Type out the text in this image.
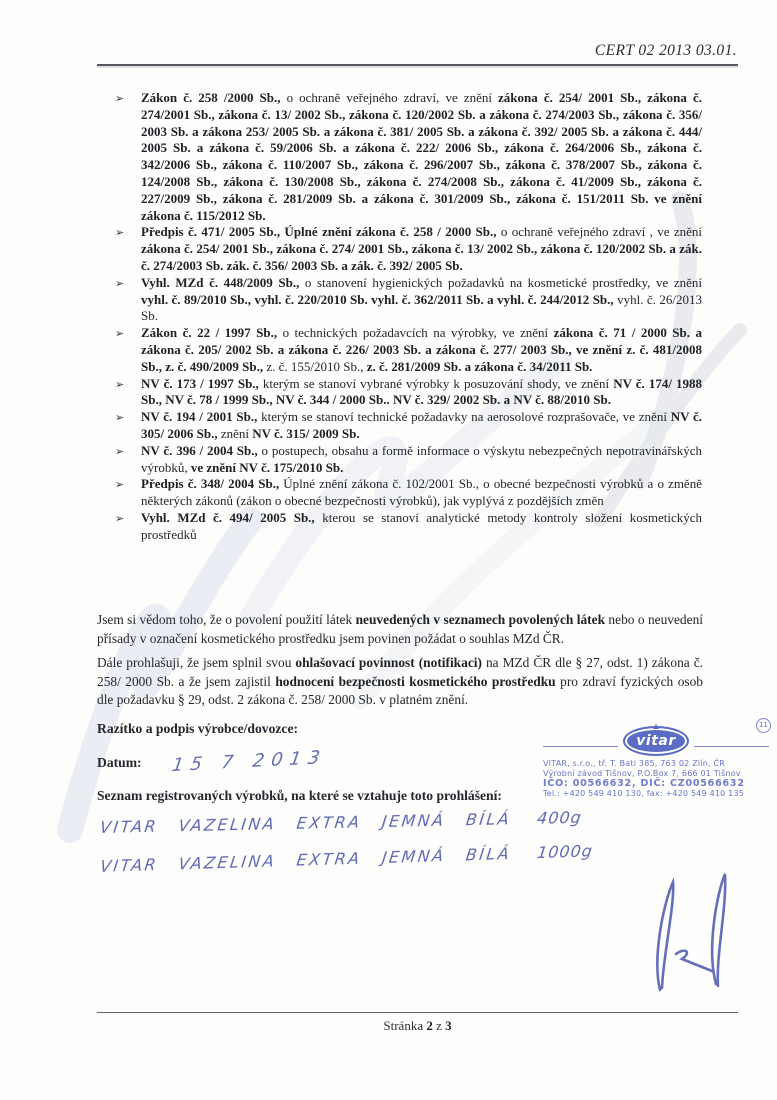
CERT 02 2013 03.01.
➢ Zákon č. 258 /2000 Sb., o ochraně veřejného zdraví, ve znění zákona č. 254/ 2001 Sb., zákona č. 274/2001 Sb., zákona č. 13/ 2002 Sb., zákona č. 120/2002 Sb. a zákona č. 274/2003 Sb., zákona č. 356/ 2003 Sb. a zákona 253/ 2005 Sb. a zákona č. 381/ 2005 Sb. a zákona č. 392/ 2005 Sb. a zákona č. 444/ 2005 Sb. a zákona č. 59/2006 Sb. a zákona č. 222/ 2006 Sb., zákona č. 264/2006 Sb., zákona č. 342/2006 Sb., zákona č. 110/2007 Sb., zákona č. 296/2007 Sb., zákona č. 378/2007 Sb., zákona č. 124/2008 Sb., zákona č. 130/2008 Sb., zákona č. 274/2008 Sb., zákona č. 41/2009 Sb., zákona č. 227/2009 Sb., zákona č. 281/2009 Sb. a zákona č. 301/2009 Sb., zákona č. 151/2011 Sb. ve znění zákona č. 115/2012 Sb.
➢ Předpis č. 471/ 2005 Sb., Úplné znění zákona č. 258 / 2000 Sb., o ochraně veřejného zdraví , ve znění zákona č. 254/ 2001 Sb., zákona č. 274/ 2001 Sb., zákona č. 13/ 2002 Sb., zákona č. 120/2002 Sb. a zák. č. 274/2003 Sb. zák. č. 356/ 2003 Sb. a zák. č. 392/ 2005 Sb.
➢ Vyhl. MZd č. 448/2009 Sb., o stanovení hygienických požadavků na kosmetické prostředky, ve znění vyhl. č. 89/2010 Sb., vyhl. č. 220/2010 Sb. vyhl. č. 362/2011 Sb. a vyhl. č. 244/2012 Sb., vyhl. č. 26/2013 Sb.
➢ Zákon č. 22 / 1997 Sb., o technických požadavcích na výrobky, ve znění zákona č. 71 / 2000 Sb. a zákona č. 205/ 2002 Sb. a zákona č. 226/ 2003 Sb. a zákona č. 277/ 2003 Sb., ve znění z. č. 481/2008 Sb., z. č. 490/2009 Sb., z. č. 155/2010 Sb., z. č. 281/2009 Sb. a zákona č. 34/2011 Sb.
➢ NV č. 173 / 1997 Sb., kterým se stanoví vybrané výrobky k posuzování shody, ve znění NV č. 174/ 1988 Sb., NV č. 78 / 1999 Sb., NV č. 344 / 2000 Sb.. NV č. 329/ 2002 Sb. a NV č. 88/2010 Sb.
➢ NV č. 194 / 2001 Sb., kterým se stanoví technické požadavky na aerosolové rozprašovače, ve znění NV č. 305/ 2006 Sb., znění NV č. 315/ 2009 Sb.
➢ NV č. 396 / 2004 Sb., o postupech, obsahu a formě informace o výskytu nebezpečných nepotravinářských výrobků, ve znění NV č. 175/2010 Sb.
➢ Předpis č. 348/ 2004 Sb., Úplné znění zákona č. 102/2001 Sb., o obecné bezpečnosti výrobků a o změně některých zákonů (zákon o obecné bezpečnosti výrobků), jak vyplývá z pozdějších změn
➢ Vyhl. MZd č. 494/ 2005 Sb., kterou se stanoví analytické metody kontroly složení kosmetických prostředků

Jsem si vědom toho, že o povolení použití látek neuvedených v seznamech povolených látek nebo o neuvedení přísady v označení kosmetického prostředku jsem povinen požádat o souhlas MZd ČR.

Dále prohlašuji, že jsem splnil svou ohlašovací povinnost (notifikaci) na MZd ČR dle § 27, odst. 1) zákona č. 258/ 2000 Sb. a že jsem zajistil hodnocení bezpečnosti kosmetického prostředku pro zdraví fyzických osob dle požadavku § 29, odst. 2 zákona č. 258/ 2000 Sb. v platném znění.

Razítko a podpis výrobce/dovozce:
Datum: 15 7 2013
Seznam registrovaných výrobků, na které se vztahuje toto prohlášení:
VITAR VAZELINA EXTRA JEMNÁ BÍLÁ 400g
VITAR VAZELINA EXTRA JEMNÁ BÍLÁ 1000g
vitar
11
VITAR, s.r.o., tř. T. Bati 385, 763 02 Zlín, ČR
Výrobní závod Tišnov, P.O.Box 7, 666 01 Tišnov
IČO: 00566632, DIČ: CZ00566632
Tel.: +420 549 410 130, fax: +420 549 410 135
Stránka 2 z 3
